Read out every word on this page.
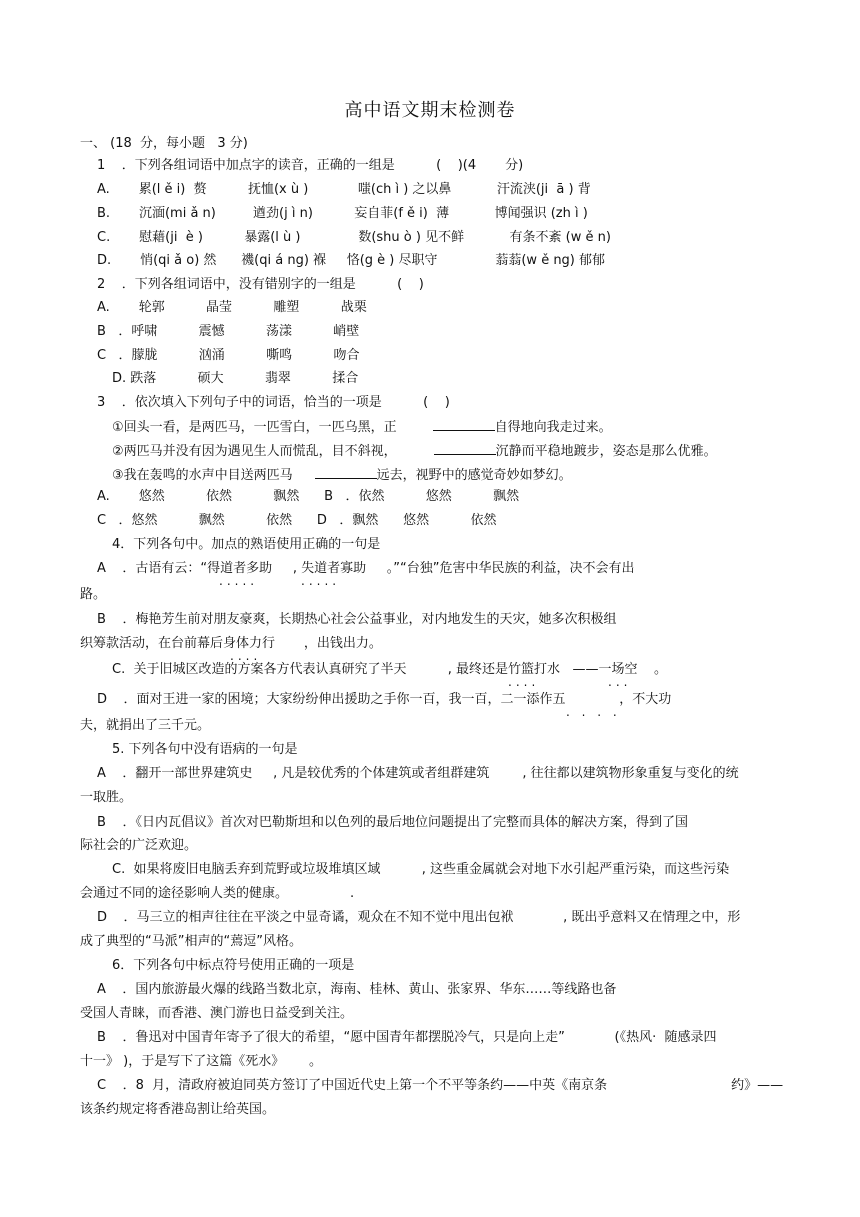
高中语文期末检测卷
一、 (18  分，每小题   3 分)
1    ．下列各组词语中加点字的读音，正确的一组是          (    )(4       分)
A.       累(l ě i)  赘          抚恤(x ù )            嗤(ch ì ) 之以鼻           汗流浃(ji  ā ) 背
B.       沉湎(mi ǎ n)         遒劲(j ì n)          妄自菲(f ě i)  薄           博闻强识 (zh ì )
C.       慰藉(ji  è )          暴露(l ù )              数(shu ò ) 见不鲜           有条不紊 (w ě n)
D.       悄(qi ǎ o) 然      禨(qi á ng) 褓     恪(g è ) 尽职守              蓊蓊(w ě ng) 郁郁
2    ．下列各组词语中，没有错别字的一组是          (    )
A.       轮郭          晶莹          雕塑          战栗
B   ．呼啸          震憾          荡漾          峭壁
C   ．朦胧          汹涌          嘶鸣          吻合
D. 跌落          硕大          翡翠          揉合
3    ．依次填入下列句子中的词语，恰当的一项是          (    )
①回头一看，是两匹马，一匹雪白，一匹乌黑，正	自得地向我走过来。
②两匹马并没有因为遇见生人而慌乱，目不斜视，	沉静而平稳地踱步，姿态是那么优雅。
③我在轰鸣的水声中目送两匹马	远去，视野中的感觉奇妙如梦幻。
A.       悠然          依然          飘然      B   ．依然          悠然          飘然
C   ．悠然          飘然          依然      D   ．飘然      悠然          依然
4．下列各句中。加点的熟语使用正确的一句是
A    ．古语有云：“得道者多助     , 失道者寡助     。”“台独”危害中华民族的利益，决不会有出
.....	.....
路。
B    ．梅艳芳生前对朋友豪爽，长期热心社会公益事业，对内地发生的天灾，她多次积极组
织筹款活动，在台前幕后身体力行       ，出钱出力。
....
C.  关于旧城区改造的方案各方代表认真研究了半天          , 最终还是竹篮打水   ——一场空    。
....	...
D    ．面对王进一家的困境；大家纷纷伸出援助之手你一百，我一百，二一添作五             ，不大功
. . . .
夫，就捐出了三千元。
5. 下列各句中没有语病的一句是
A    ．翻开一部世界建筑史     , 凡是较优秀的个体建筑或者组群建筑        , 往往都以建筑物形象重复与变化的统
一取胜。
B    ．《日内瓦倡议》首次对巴勒斯坦和以色列的最后地位问题提出了完整而具体的解决方案，得到了国
际社会的广泛欢迎。
C.  如果将废旧电脑丢弃到荒野或垃圾堆填区域          , 这些重金属就会对地下水引起严重污染，而这些污染
会通过不同的途径影响人类的健康。               .
D    ．马三立的相声往往在平淡之中显奇谲，观众在不知不觉中甩出包袱            , 既出乎意料又在情理之中，形
成了典型的“马派”相声的“蔫逗”风格。
6．下列各句中标点符号使用正确的一项是
A    ．国内旅游最火爆的线路当数北京，海南、桂林、黄山、张家界、华东……等线路也备
受国人青睐，而香港、澳门游也日益受到关注。
B    ．鲁迅对中国青年寄予了很大的希望，“愿中国青年都摆脱冷气，只是向上走”            (《热风·  随感录四
十一》 )，于是写下了这篇《死水》      。
C    ．8  月，清政府被迫同英方签订了中国近代史上第一个不平等条约——中英《南京条                              约》——
该条约规定将香港岛割让给英国。
